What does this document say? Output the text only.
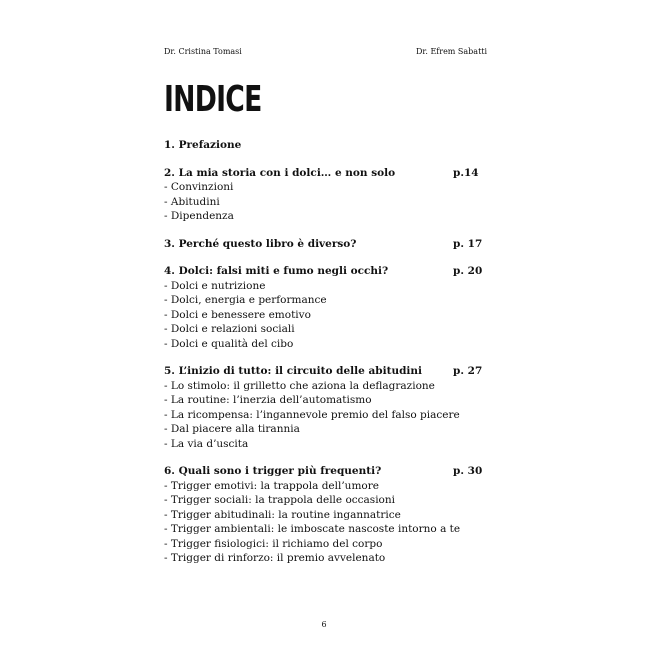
Dr. Cristina Tomasi	Dr. Efrem Sabatti
INDICE
1. Prefazione
2. La mia storia con i dolci… e non solo	p.14
- Convinzioni
- Abitudini
- Dipendenza
3. Perché questo libro è diverso?	p. 17
4. Dolci: falsi miti e fumo negli occhi?	p. 20
- Dolci e nutrizione
- Dolci, energia e performance
- Dolci e benessere emotivo
- Dolci e relazioni sociali
- Dolci e qualità del cibo
5. L’inizio di tutto: il circuito delle abitudini	p. 27
- Lo stimolo: il grilletto che aziona la deflagrazione
- La routine: l’inerzia dell’automatismo
- La ricompensa: l’ingannevole premio del falso piacere
- Dal piacere alla tirannia
- La via d’uscita
6. Quali sono i trigger più frequenti?	p. 30
- Trigger emotivi: la trappola dell’umore
- Trigger sociali: la trappola delle occasioni
- Trigger abitudinali: la routine ingannatrice
- Trigger ambientali: le imboscate nascoste intorno a te
- Trigger fisiologici: il richiamo del corpo
- Trigger di rinforzo: il premio avvelenato
6
